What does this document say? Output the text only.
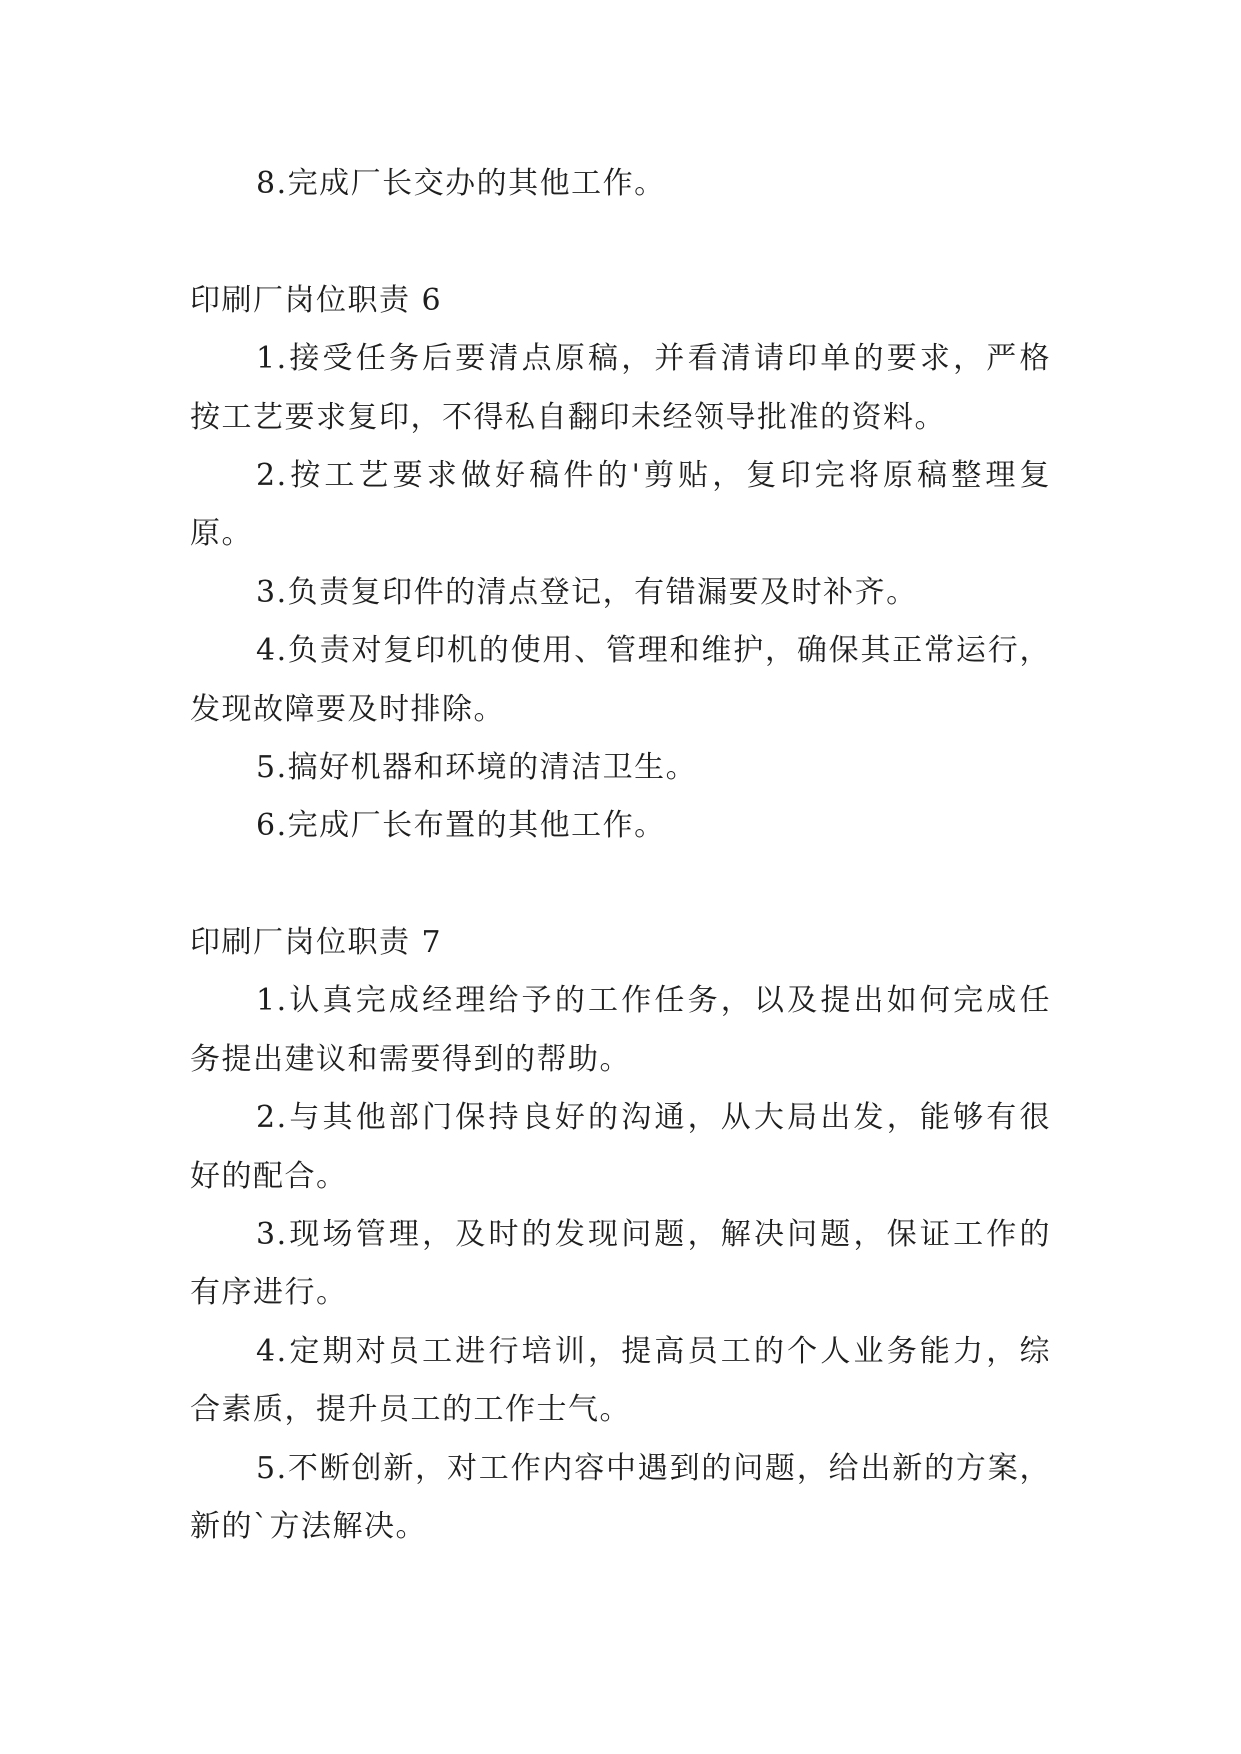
8.完成厂长交办的其他工作。
印刷厂岗位职责 6
1.接受任务后要清点原稿，并看清请印单的要求，严格
按工艺要求复印，不得私自翻印未经领导批准的资料。
2.按工艺要求做好稿件的'剪贴，复印完将原稿整理复
原。
3.负责复印件的清点登记，有错漏要及时补齐。
4.负责对复印机的使用、管理和维护，确保其正常运行，
发现故障要及时排除。
5.搞好机器和环境的清洁卫生。
6.完成厂长布置的其他工作。
印刷厂岗位职责 7
1.认真完成经理给予的工作任务，以及提出如何完成任
务提出建议和需要得到的帮助。
2.与其他部门保持良好的沟通，从大局出发，能够有很
好的配合。
3.现场管理，及时的发现问题，解决问题，保证工作的
有序进行。
4.定期对员工进行培训，提高员工的个人业务能力，综
合素质，提升员工的工作士气。
5.不断创新，对工作内容中遇到的问题，给出新的方案，
新的`方法解决。
